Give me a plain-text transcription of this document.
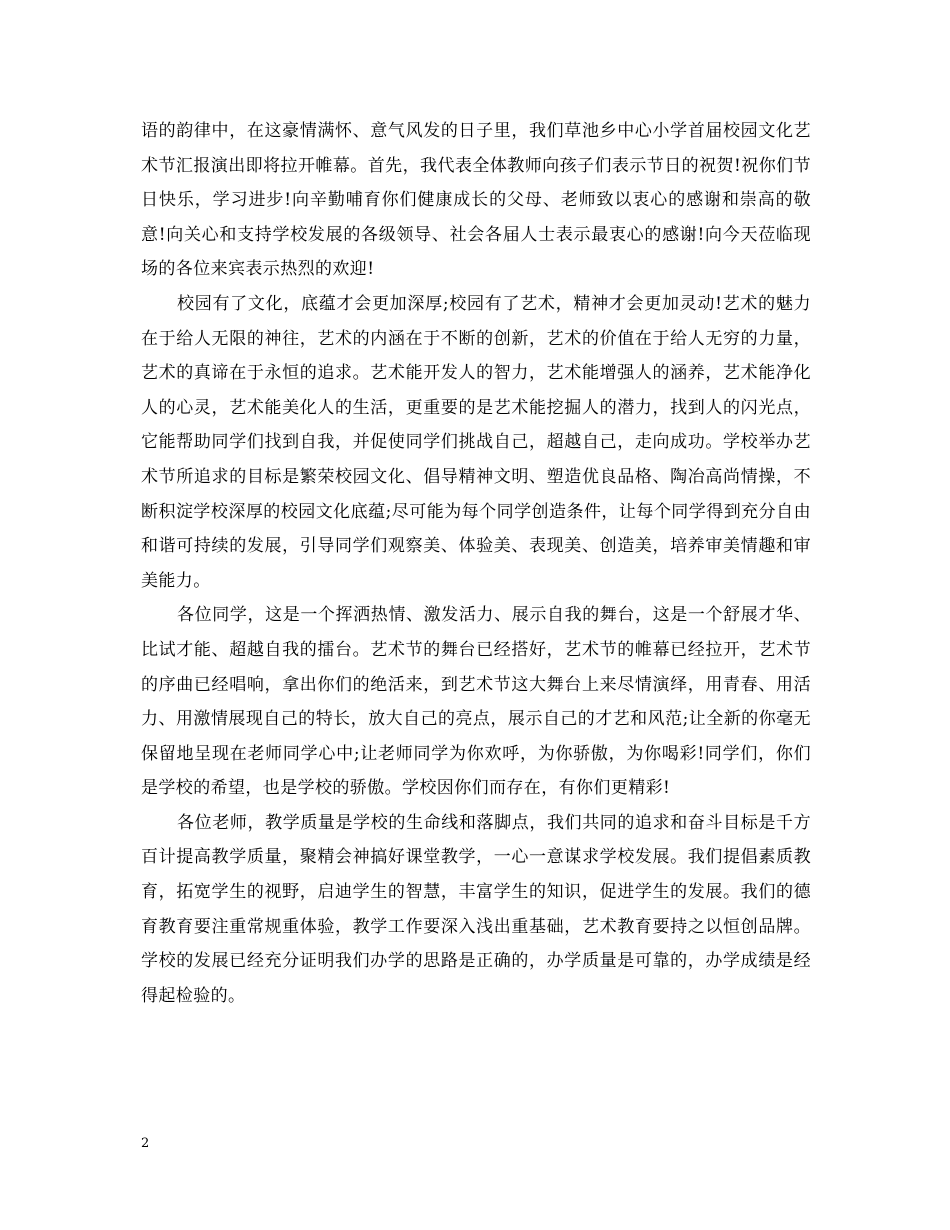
语的韵律中，在这豪情满怀、意气风发的日子里，我们草池乡中心小学首届校园文化艺术节汇报演出即将拉开帷幕。首先，我代表全体教师向孩子们表示节日的祝贺!祝你们节日快乐，学习进步!向辛勤哺育你们健康成长的父母、老师致以衷心的感谢和崇高的敬意!向关心和支持学校发展的各级领导、社会各届人士表示最衷心的感谢!向今天莅临现场的各位来宾表示热烈的欢迎!

校园有了文化，底蕴才会更加深厚;校园有了艺术，精神才会更加灵动!艺术的魅力在于给人无限的神往，艺术的内涵在于不断的创新，艺术的价值在于给人无穷的力量，艺术的真谛在于永恒的追求。艺术能开发人的智力，艺术能增强人的涵养，艺术能净化人的心灵，艺术能美化人的生活，更重要的是艺术能挖掘人的潜力，找到人的闪光点，它能帮助同学们找到自我，并促使同学们挑战自己，超越自己，走向成功。学校举办艺术节所追求的目标是繁荣校园文化、倡导精神文明、塑造优良品格、陶冶高尚情操，不断积淀学校深厚的校园文化底蕴;尽可能为每个同学创造条件，让每个同学得到充分自由和谐可持续的发展，引导同学们观察美、体验美、表现美、创造美，培养审美情趣和审美能力。

各位同学，这是一个挥洒热情、激发活力、展示自我的舞台，这是一个舒展才华、比试才能、超越自我的擂台。艺术节的舞台已经搭好，艺术节的帷幕已经拉开，艺术节的序曲已经唱响，拿出你们的绝活来，到艺术节这大舞台上来尽情演绎，用青春、用活力、用激情展现自己的特长，放大自己的亮点，展示自己的才艺和风范;让全新的你毫无保留地呈现在老师同学心中;让老师同学为你欢呼，为你骄傲，为你喝彩!同学们，你们是学校的希望，也是学校的骄傲。学校因你们而存在，有你们更精彩!

各位老师，教学质量是学校的生命线和落脚点，我们共同的追求和奋斗目标是千方百计提高教学质量，聚精会神搞好课堂教学，一心一意谋求学校发展。我们提倡素质教育，拓宽学生的视野，启迪学生的智慧，丰富学生的知识，促进学生的发展。我们的德育教育要注重常规重体验，教学工作要深入浅出重基础，艺术教育要持之以恒创品牌。学校的发展已经充分证明我们办学的思路是正确的，办学质量是可靠的，办学成绩是经得起检验的。

2
